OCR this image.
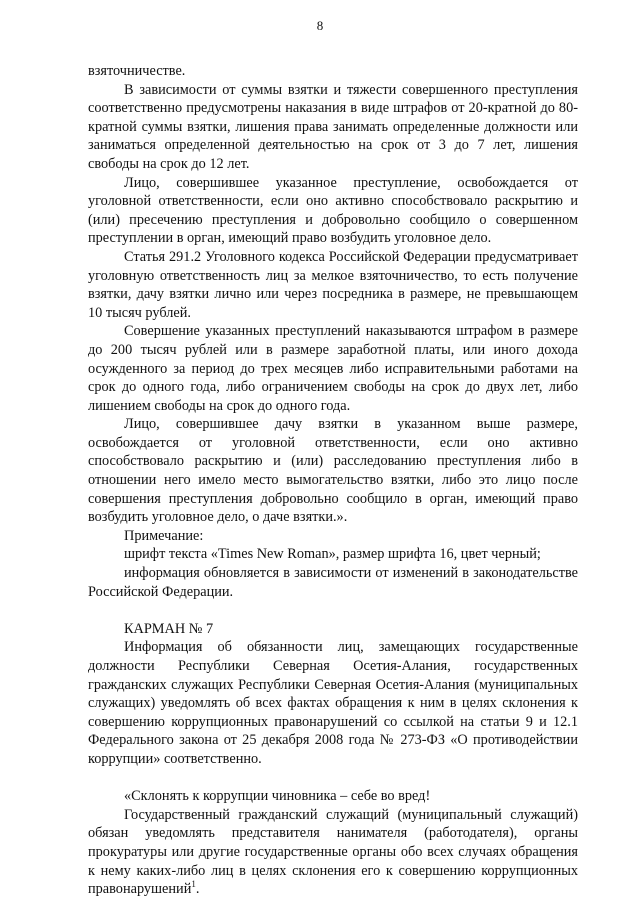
8

взяточничестве.

В зависимости от суммы взятки и тяжести совершенного преступления соответственно предусмотрены наказания в виде штрафов от 20-кратной до 80-кратной суммы взятки, лишения права занимать определенные должности или заниматься определенной деятельностью на срок от 3 до 7 лет, лишения свободы на срок до 12 лет.

Лицо, совершившее указанное преступление, освобождается от уголовной ответственности, если оно активно способствовало раскрытию и (или) пресечению преступления и добровольно сообщило о совершенном преступлении в орган, имеющий право возбудить уголовное дело.

Статья 291.2 Уголовного кодекса Российской Федерации предусматривает уголовную ответственность лиц за мелкое взяточничество, то есть получение взятки, дачу взятки лично или через посредника в размере, не превышающем 10 тысяч рублей.

Совершение указанных преступлений наказываются штрафом в размере до 200 тысяч рублей или в размере заработной платы, или иного дохода осужденного за период до трех месяцев либо исправительными работами на срок до одного года, либо ограничением свободы на срок до двух лет, либо лишением свободы на срок до одного года.

Лицо, совершившее дачу взятки в указанном выше размере, освобождается от уголовной ответственности, если оно активно способствовало раскрытию и (или) расследованию преступления либо в отношении него имело место вымогательство взятки, либо это лицо после совершения преступления добровольно сообщило в орган, имеющий право возбудить уголовное дело, о даче взятки.».

Примечание:

шрифт текста «Times New Roman», размер шрифта 16, цвет черный;

информация обновляется в зависимости от изменений в законодательстве Российской Федерации.

КАРМАН № 7

Информация об обязанности лиц, замещающих государственные должности Республики Северная Осетия-Алания, государственных гражданских служащих Республики Северная Осетия-Алания (муниципальных служащих) уведомлять об всех фактах обращения к ним в целях склонения к совершению коррупционных правонарушений со ссылкой на статьи 9 и 12.1 Федерального закона от 25 декабря 2008 года № 273-ФЗ «О противодействии коррупции» соответственно.

«Склонять к коррупции чиновника – себе во вред!

Государственный гражданский служащий (муниципальный служащий) обязан уведомлять представителя нанимателя (работодателя), органы прокуратуры или другие государственные органы обо всех случаях обращения к нему каких-либо лиц в целях склонения его к совершению коррупционных правонарушений$^1$.
